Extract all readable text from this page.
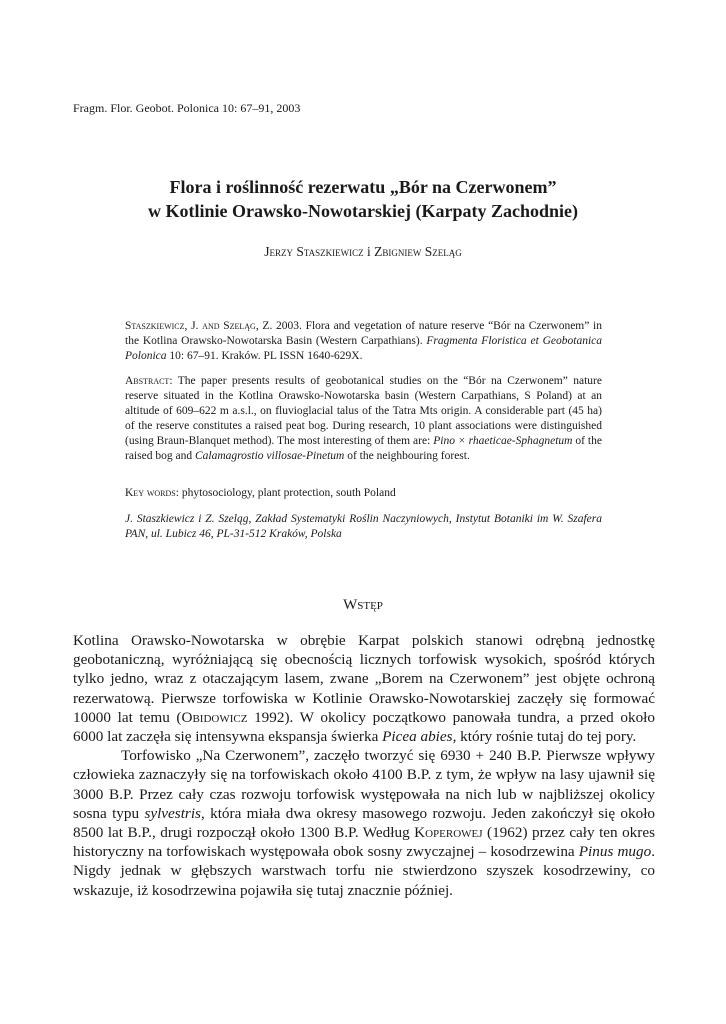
Fragm. Flor. Geobot. Polonica 10: 67–91, 2003
Flora i roślinność rezerwatu „Bór na Czerwonem”
w Kotlinie Orawsko-Nowotarskiej (Karpaty Zachodnie)
Jerzy Staszkiewicz i Zbigniew Szeląg
Staszkiewicz, J. and Szeląg, Z. 2003. Flora and vegetation of nature reserve “Bór na Czerwonem” in the Kotlina Orawsko-Nowotarska Basin (Western Carpathians). Fragmenta Floristica et Geobotanica Polonica 10: 67–91. Kraków. PL ISSN 1640-629X.
Abstract: The paper presents results of geobotanical studies on the “Bór na Czerwonem” nature reserve situated in the Kotlina Orawsko-Nowotarska basin (Western Carpathians, S Poland) at an altitude of 609–622 m a.s.l., on fluvioglacial talus of the Tatra Mts origin. A considerable part (45 ha) of the reserve constitutes a raised peat bog. During research, 10 plant associations were distinguished (using Braun-Blanquet method). The most interesting of them are: Pino × rhaeticae-Sphagnetum of the raised bog and Calamagrostio villosae-Pinetum of the neighbouring forest.
Key words: phytosociology, plant protection, south Poland
J. Staszkiewicz i Z. Szeląg, Zakład Systematyki Roślin Naczyniowych, Instytut Botaniki im W. Szafera PAN, ul. Lubicz 46, PL-31-512 Kraków, Polska
Wstęp

Kotlina Orawsko-Nowotarska w obrębie Karpat polskich stanowi odrębną jednostkę geobotaniczną, wyróżniającą się obecnością licznych torfowisk wysokich, spośród których tylko jedno, wraz z otaczającym lasem, zwane „Borem na Czerwonem” jest objęte ochroną rezerwatową. Pierwsze torfowiska w Kotlinie Orawsko-Nowotarskiej zaczęły się formować 10000 lat temu (Obidowicz 1992). W okolicy początkowo panowała tundra, a przed około 6000 lat zaczęła się intensywna ekspansja świerka Picea abies, który rośnie tutaj do tej pory.

Torfowisko „Na Czerwonem”, zaczęło tworzyć się 6930 + 240 B.P. Pierwsze wpływy człowieka zaznaczyły się na torfowiskach około 4100 B.P. z tym, że wpływ na lasy ujawnił się 3000 B.P. Przez cały czas rozwoju torfowisk występowała na nich lub w najbliższej okolicy sosna typu sylvestris, która miała dwa okresy masowego rozwoju. Jeden zakończył się około 8500 lat B.P., drugi rozpoczął około 1300 B.P. Według Koperowej (1962) przez cały ten okres historyczny na torfowiskach występowała obok sosny zwyczajnej – kosodrzewina Pinus mugo. Nigdy jednak w głębszych warstwach torfu nie stwierdzono szyszek kosodrzewiny, co wskazuje, iż kosodrzewina pojawiła się tutaj znacznie później.
